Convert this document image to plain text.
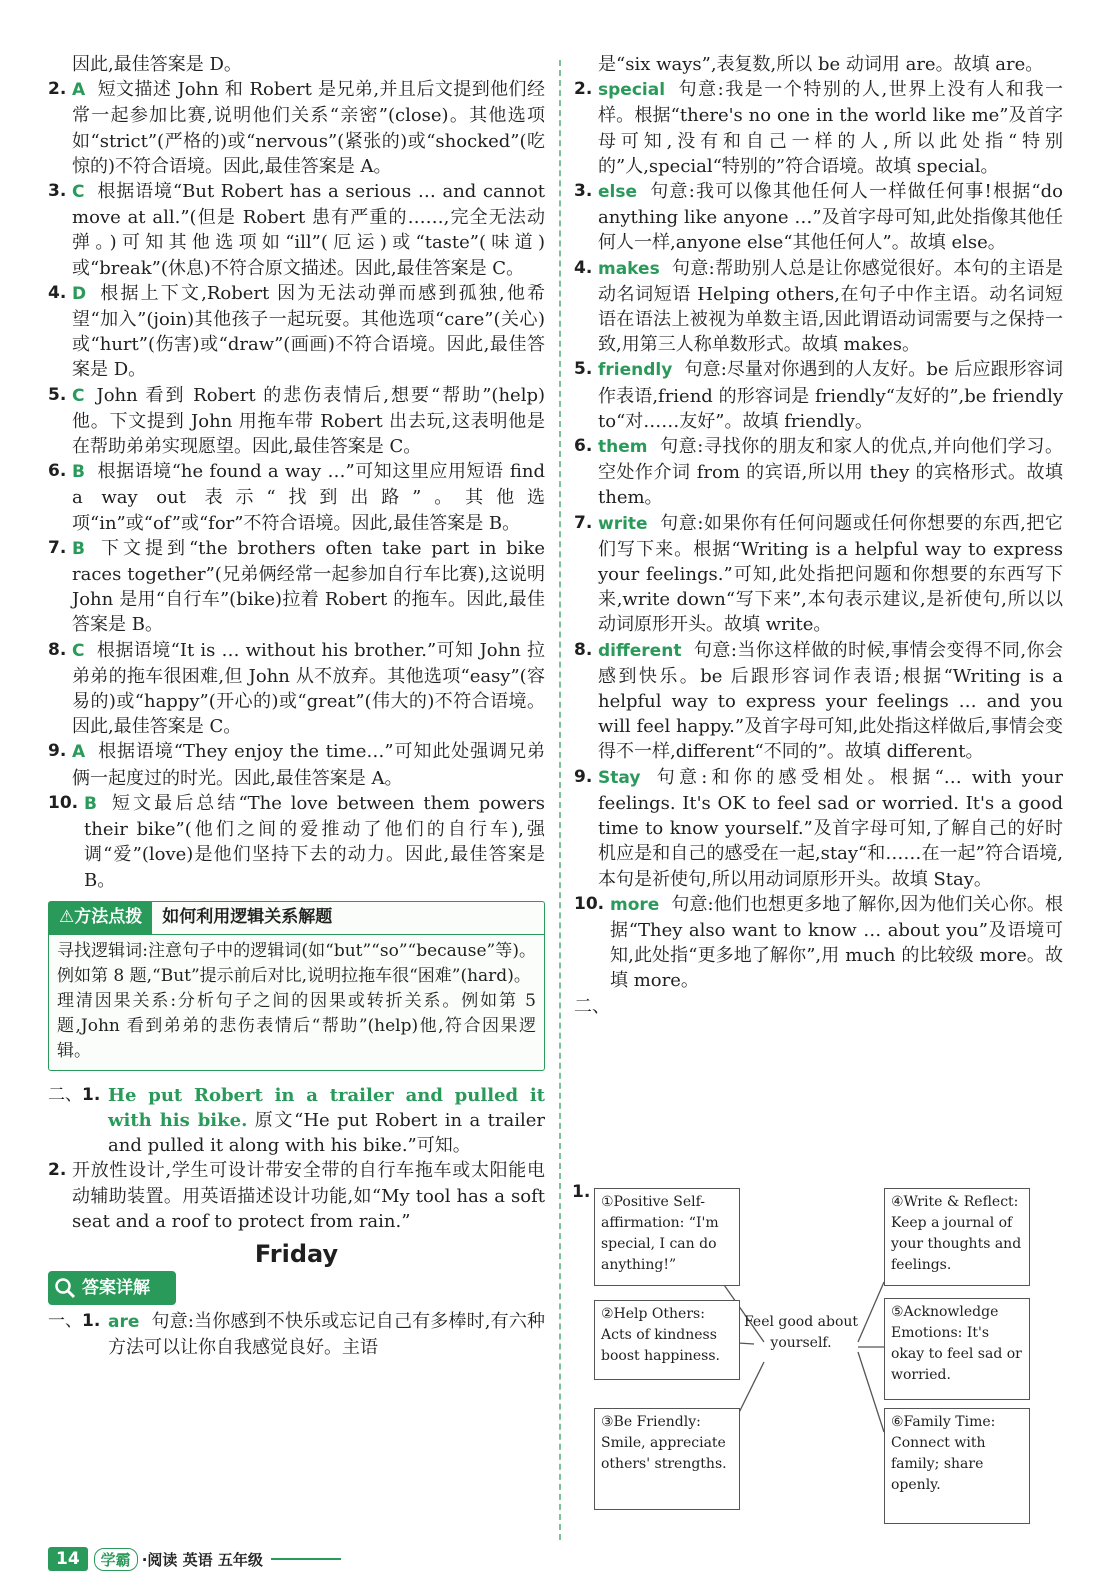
因此,最佳答案是 D。

2. A 短文描述 John 和 Robert 是兄弟,并且后文提到他们经常一起参加比赛,说明他们关系“亲密”(close)。其他选项如“strict”(严格的)或“nervous”(紧张的)或“shocked”(吃惊的)不符合语境。因此,最佳答案是 A。

3. C 根据语境“But Robert has a serious … and cannot move at all.”(但是 Robert 患有严重的……,完全无法动弹。)可知其他选项如“ill”(厄运)或“taste”(味道)或“break”(休息)不符合原文描述。因此,最佳答案是 C。

4. D 根据上下文,Robert 因为无法动弹而感到孤独,他希望“加入”(join)其他孩子一起玩耍。其他选项“care”(关心)或“hurt”(伤害)或“draw”(画画)不符合语境。因此,最佳答案是 D。

5. C John 看到 Robert 的悲伤表情后,想要“帮助”(help)他。下文提到 John 用拖车带 Robert 出去玩,这表明他是在帮助弟弟实现愿望。因此,最佳答案是 C。

6. B 根据语境“he found a way …”可知这里应用短语 find a way out 表示“找到出路”。其他选项“in”或“of”或“for”不符合语境。因此,最佳答案是 B。

7. B 下文提到“the brothers often take part in bike races together”(兄弟俩经常一起参加自行车比赛),这说明 John 是用“自行车”(bike)拉着 Robert 的拖车。因此,最佳答案是 B。

8. C 根据语境“It is … without his brother.”可知 John 拉弟弟的拖车很困难,但 John 从不放弃。其他选项“easy”(容易的)或“happy”(开心的)或“great”(伟大的)不符合语境。因此,最佳答案是 C。

9. A 根据语境“They enjoy the time…”可知此处强调兄弟俩一起度过的时光。因此,最佳答案是 A。

10. B 短文最后总结“The love between them powers their bike”(他们之间的爱推动了他们的自行车),强调“爱”(love)是他们坚持下去的动力。因此,最佳答案是 B。

⚠方法点拨	如何利用逻辑关系解题

寻找逻辑词:注意句子中的逻辑词(如“but”“so”“because”等)。例如第 8 题,“But”提示前后对比,说明拉拖车很“困难”(hard)。

理清因果关系:分析句子之间的因果或转折关系。例如第 5 题,John 看到弟弟的悲伤表情后“帮助”(help)他,符合因果逻辑。

二、1. He put Robert in a trailer and pulled it with his bike. 原文“He put Robert in a trailer and pulled it along with his bike.”可知。

2. 开放性设计,学生可设计带安全带的自行车拖车或太阳能电动辅助装置。用英语描述设计功能,如“My tool has a soft seat and a roof to protect from rain.”

Friday
答案详解

一、1. are 句意:当你感到不快乐或忘记自己有多棒时,有六种方法可以让你自我感觉良好。主语

是“six ways”,表复数,所以 be 动词用 are。故填 are。

2. special 句意:我是一个特别的人,世界上没有人和我一样。根据“there's no one in the world like me”及首字母可知,没有和自己一样的人,所以此处指“特别的”人,special“特别的”符合语境。故填 special。

3. else 句意:我可以像其他任何人一样做任何事!根据“do anything like anyone …”及首字母可知,此处指像其他任何人一样,anyone else“其他任何人”。故填 else。

4. makes 句意:帮助别人总是让你感觉很好。本句的主语是动名词短语 Helping others,在句子中作主语。动名词短语在语法上被视为单数主语,因此谓语动词需要与之保持一致,用第三人称单数形式。故填 makes。

5. friendly 句意:尽量对你遇到的人友好。be 后应跟形容词作表语,friend 的形容词是 friendly“友好的”,be friendly to“对……友好”。故填 friendly。

6. them 句意:寻找你的朋友和家人的优点,并向他们学习。空处作介词 from 的宾语,所以用 they 的宾格形式。故填 them。

7. write 句意:如果你有任何问题或任何你想要的东西,把它们写下来。根据“Writing is a helpful way to express your feelings.”可知,此处指把问题和你想要的东西写下来,write down“写下来”,本句表示建议,是祈使句,所以以动词原形开头。故填 write。

8. different 句意:当你这样做的时候,事情会变得不同,你会感到快乐。be 后跟形容词作表语;根据“Writing is a helpful way to express your feelings … and you will feel happy.”及首字母可知,此处指这样做后,事情会变得不一样,different“不同的”。故填 different。

9. Stay 句意:和你的感受相处。根据“… with your feelings. It's OK to feel sad or worried. It's a good time to know yourself.”及首字母可知,了解自己的好时机应是和自己的感受在一起,stay“和……在一起”符合语境,本句是祈使句,所以用动词原形开头。故填 Stay。

10. more 句意:他们也想更多地了解你,因为他们关心你。根据“They also want to know … about you”及语境可知,此处指“更多地了解你”,用 much 的比较级 more。故填 more。

二、

1. ①Positive Self-affirmation: “I'm special, I can do anything!”
②Help Others: Acts of kindness boost happiness.
③Be Friendly: Smile, appreciate others' strengths.
Feel good about yourself.
④Write & Reflect: Keep a journal of your thoughts and feelings.
⑤Acknowledge Emotions: It's okay to feel sad or worried.
⑥Family Time: Connect with family; share openly.
14	学霸 ·阅读 英语 五年级
